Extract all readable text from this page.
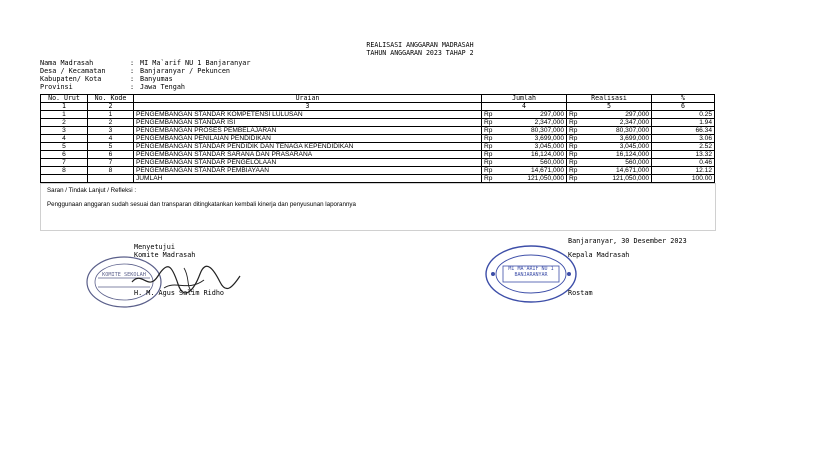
REALISASI ANGGARAN MADRASAH
TAHUN ANGGARAN 2023 TAHAP 2
Nama Madrasah	: MI Ma`arif NU 1 Banjaranyar
Desa / Kecamatan	: Banjaranyar / Pekuncen
Kabupaten/ Kota	: Banyumas
Provinsi	: Jawa Tengah
No. Urut	No. Kode	Uraian	Jumlah		Realisasi		%
1	2	3	4		5		6
1	1	PENGEMBANGAN STANDAR KOMPETENSI LULUSAN	Rp	297,000	Rp	297,000	0.25
2	2	PENGEMBANGAN STANDAR ISI	Rp	2,347,000	Rp	2,347,000	1.94
3	3	PENGEMBANGAN PROSES PEMBELAJARAN	Rp	80,307,000	Rp	80,307,000	66.34
4	4	PENGEMBANGAN PENILAIAN PENDIDIKAN	Rp	3,699,000	Rp	3,699,000	3.06
5	5	PENGEMBANGAN STANDAR PENDIDIK DAN TENAGA KEPENDIDIKAN	Rp	3,045,000	Rp	3,045,000	2.52
6	6	PENGEMBANGAN STANDAR SARANA DAN PRASARANA	Rp	16,124,000	Rp	16,124,000	13.32
7	7	PENGEMBANGAN STANDAR PENGELOLAAN	Rp	560,000	Rp	560,000	0.46
8	8	PENGEMBANGAN STANDAR PEMBIAYAAN	Rp	14,671,000	Rp	14,671,000	12.12
		JUMLAH	Rp	121,050,000	Rp	121,050,000	100.00
Saran / Tindak Lanjut / Refleksi :
Penggunaan anggaran sudah sesuai dan transparan ditingkatankan kembali kinerja dan penyusunan laporannya
KOMITE SEKOLAH
Menyetujui
Komite Madrasah
H. M. Agus Salim Ridho
Banjaranyar, 30 Desember 2023
MI MA'ARIF NU 1
BANJARANYAR
Kepala Madrasah
Rostam
